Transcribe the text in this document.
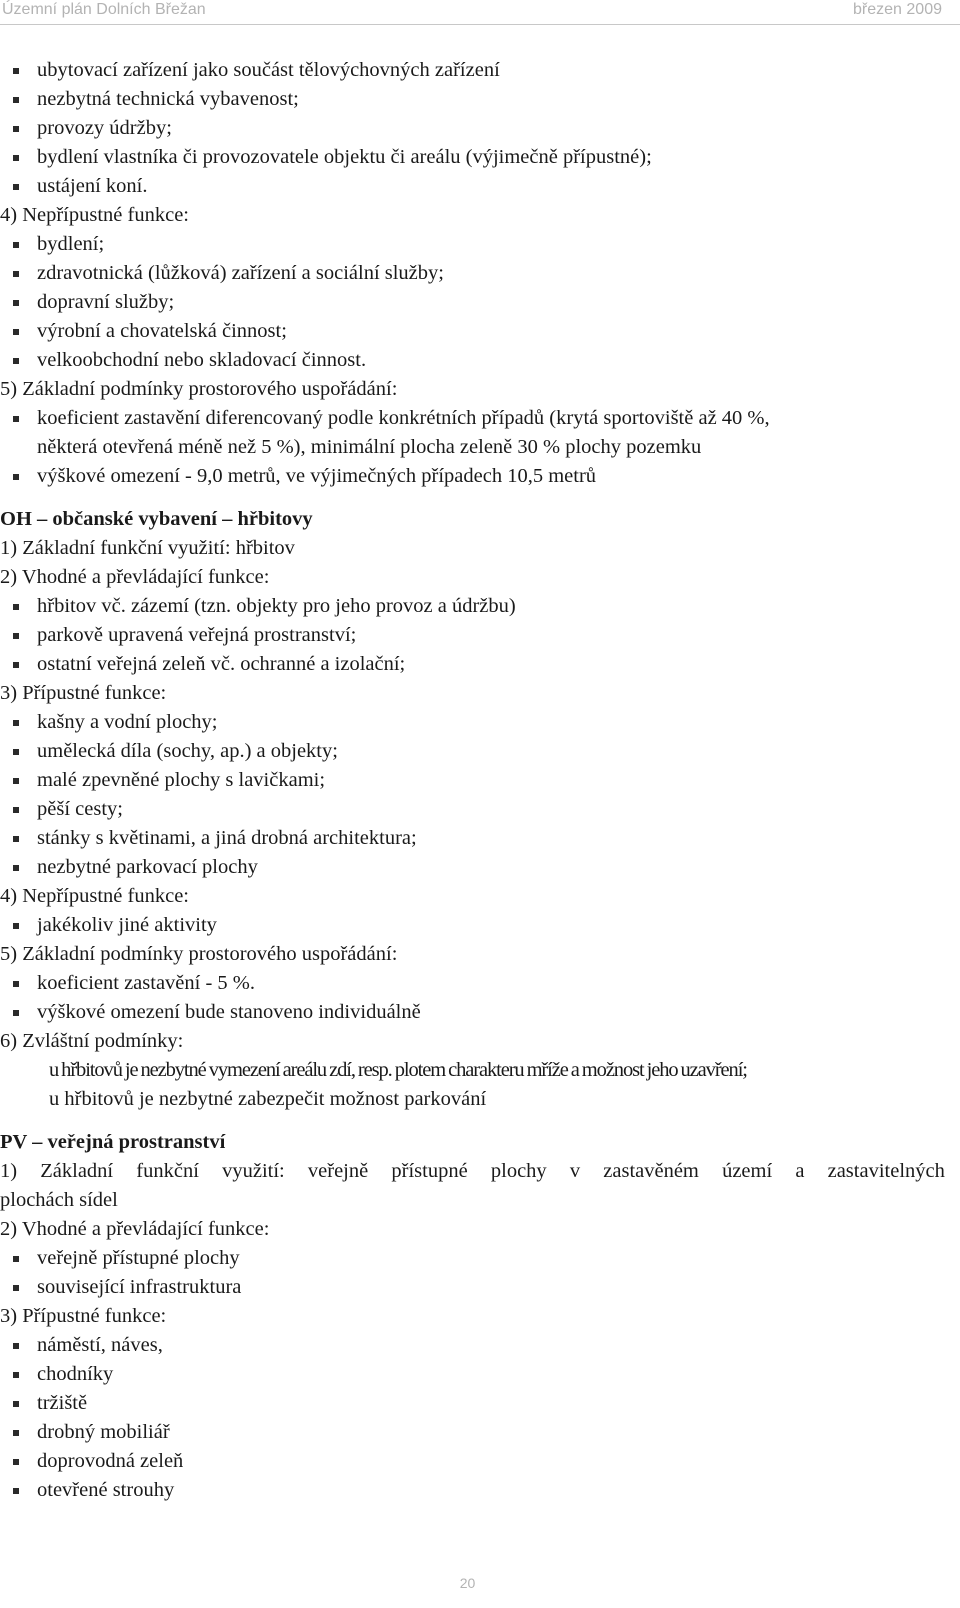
Územní plán Dolních Břežan	březen 2009
ubytovací zařízení jako součást tělovýchovných zařízení
nezbytná technická vybavenost;
provozy údržby;
bydlení vlastníka či provozovatele objektu či areálu (výjimečně přípustné);
ustájení koní.
4) Nepřípustné funkce:
bydlení;
zdravotnická (lůžková) zařízení a sociální služby;
dopravní služby;
výrobní a chovatelská činnost;
velkoobchodní nebo skladovací činnost.
5) Základní podmínky prostorového uspořádání:
koeficient zastavění diferencovaný podle konkrétních případů (krytá sportoviště až 40 %,
některá otevřená méně než 5 %), minimální plocha zeleně 30 % plochy pozemku
výškové omezení - 9,0 metrů, ve výjimečných případech 10,5 metrů
OH – občanské vybavení – hřbitovy
1) Základní funkční využití: hřbitov
2) Vhodné a převládající funkce:
hřbitov vč. zázemí (tzn. objekty pro jeho provoz a údržbu)
parkově upravená veřejná prostranství;
ostatní veřejná zeleň vč. ochranné a izolační;
3) Přípustné funkce:
kašny a vodní plochy;
umělecká díla (sochy, ap.) a objekty;
malé zpevněné plochy s lavičkami;
pěší cesty;
stánky s květinami, a jiná drobná architektura;
nezbytné parkovací plochy
4) Nepřípustné funkce:
jakékoliv jiné aktivity
5) Základní podmínky prostorového uspořádání:
koeficient zastavění - 5 %.
výškové omezení bude stanoveno individuálně
6) Zvláštní podmínky:
u hřbitovů je nezbytné vymezení areálu zdí, resp. plotem charakteru mříže a možnost jeho uzavření;
u hřbitovů je nezbytné zabezpečit možnost parkování
PV – veřejná prostranství
1) Základní funkční využití: veřejně přístupné plochy v zastavěném území a zastavitelných
plochách sídel
2) Vhodné a převládající funkce:
veřejně přístupné plochy
související infrastruktura
3) Přípustné funkce:
náměstí, náves,
chodníky
tržiště
drobný mobiliář
doprovodná zeleň
otevřené strouhy
20
